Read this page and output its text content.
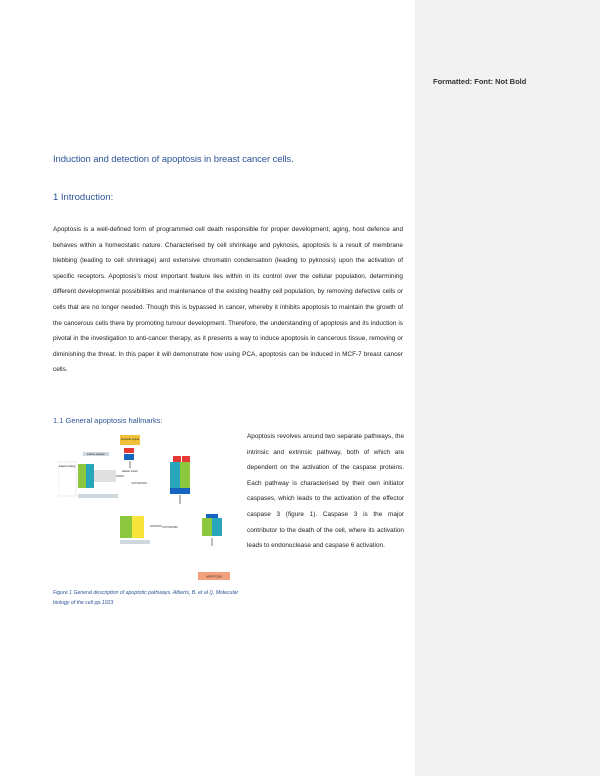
Formatted: Font: Not Bold
Induction and detection of apoptosis in breast cancer cells.
1 Introduction:

Apoptosis is a well-defined form of programmed cell death responsible for proper development, aging, host defence and behaves within a homeostatic nature. Characterised by cell shrinkage and pyknosis, apoptosis is a result of membrane blebbing (leading to cell shrinkage) and extensive chromatin condensation (leading to pyknosis) upon the activation of specific receptors. Apoptosis's most important feature lies within in its control over the cellular population, determining different developmental possibilities and maintenance of the existing healthy cell population, by removing defective cells or cells that are no longer needed. Though this is bypassed in cancer, whereby it inhibits apoptosis to maintain the growth of the cancerous cells there by promoting tumour development. Therefore, the understanding of apoptosis and its induction is pivotal in the investigation to anti-cancer therapy, as it presents a way to induce apoptosis in cancerous tissue, removing or diminishing the threat. In this paper it will demonstrate how using PCA, apoptosis can be induced in MCF-7 breast cancer cells.

1.1 General apoptosis hallmarks:

Apoptosis revolves around two separate pathways, the intrinsic and extrinsic pathway, both of which are dependent on the activation of the caspase proteins. Each pathway is characterised by their own initiator caspases, which leads to the activation of the effector caspase 3 (figure 1). Caspase 3 is the major contributor to the death of the cell, where its activation leads to endonuclease and caspase 6 activation.

apoptotic signal
adaptor protein
inactive caspase
adaptor binding
ACTIVATION
ACTIVATING
APOPTOSIS
Figure 1 General description of apoptotic pathways. Alberts, B. et al (), Molecular biology of the cell pp.1023
